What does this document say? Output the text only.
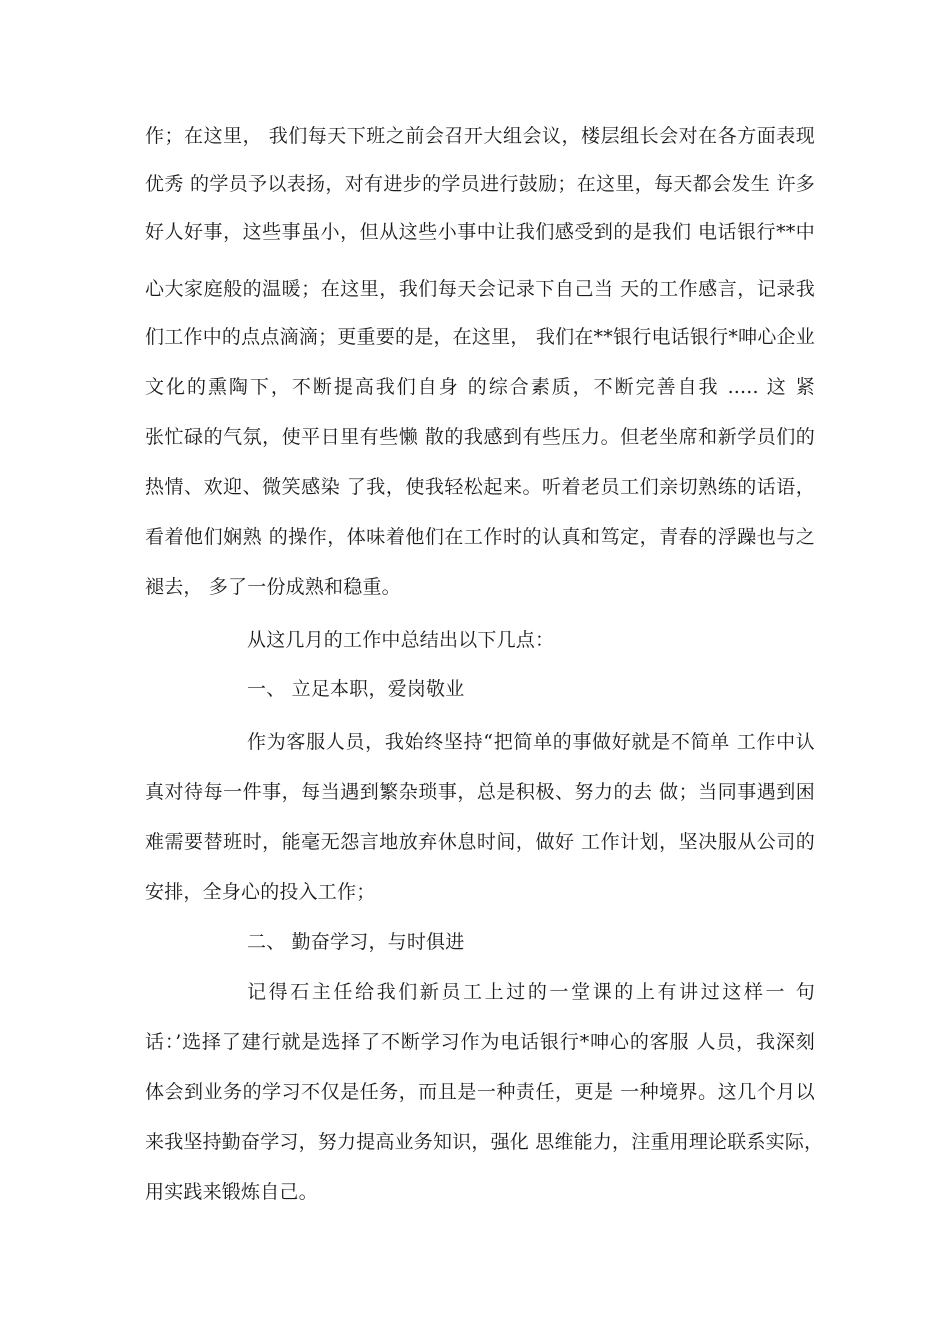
作；在这里， 我们每天下班之前会召开大组会议，楼层组长会对在各方面表现
优秀 的学员予以表扬，对有进步的学员进行鼓励；在这里，每天都会发生 许多
好人好事，这些事虽小，但从这些小事中让我们感受到的是我们 电话银行**中
心大家庭般的温暖；在这里，我们每天会记录下自己当 天的工作感言，记录我
们工作中的点点滴滴；更重要的是，在这里， 我们在**银行电话银行*呻心企业
文化的熏陶下，不断提高我们自身 的综合素质，不断完善自我 ..... 这 紧
张忙碌的气氛，使平日里有些懒 散的我感到有些压力。但老坐席和新学员们的
热情、欢迎、微笑感染 了我，使我轻松起来。听着老员工们亲切熟练的话语，
看着他们娴熟 的操作，体味着他们在工作时的认真和笃定，青春的浮躁也与之
褪去， 多了一份成熟和稳重。
从这几月的工作中总结出以下几点：
一、 立足本职，爱岗敬业
作为客服人员，我始终坚持“把简单的事做好就是不简单 工作中认
真对待每一件事，每当遇到繁杂琐事，总是积极、努力的去 做；当同事遇到困
难需要替班时，能毫无怨言地放弃休息时间，做好 工作计划，坚决服从公司的
安排，全身心的投入工作；
二、 勤奋学习，与时俱进
记得石主任给我们新员工上过的一堂课的上有讲过这样一 句
话：’选择了建行就是选择了不断学习作为电话银行*呻心的客服 人员，我深刻
体会到业务的学习不仅是任务，而且是一种责任，更是 一种境界。这几个月以
来我坚持勤奋学习，努力提高业务知识，强化 思维能力，注重用理论联系实际，
用实践来锻炼自己。
